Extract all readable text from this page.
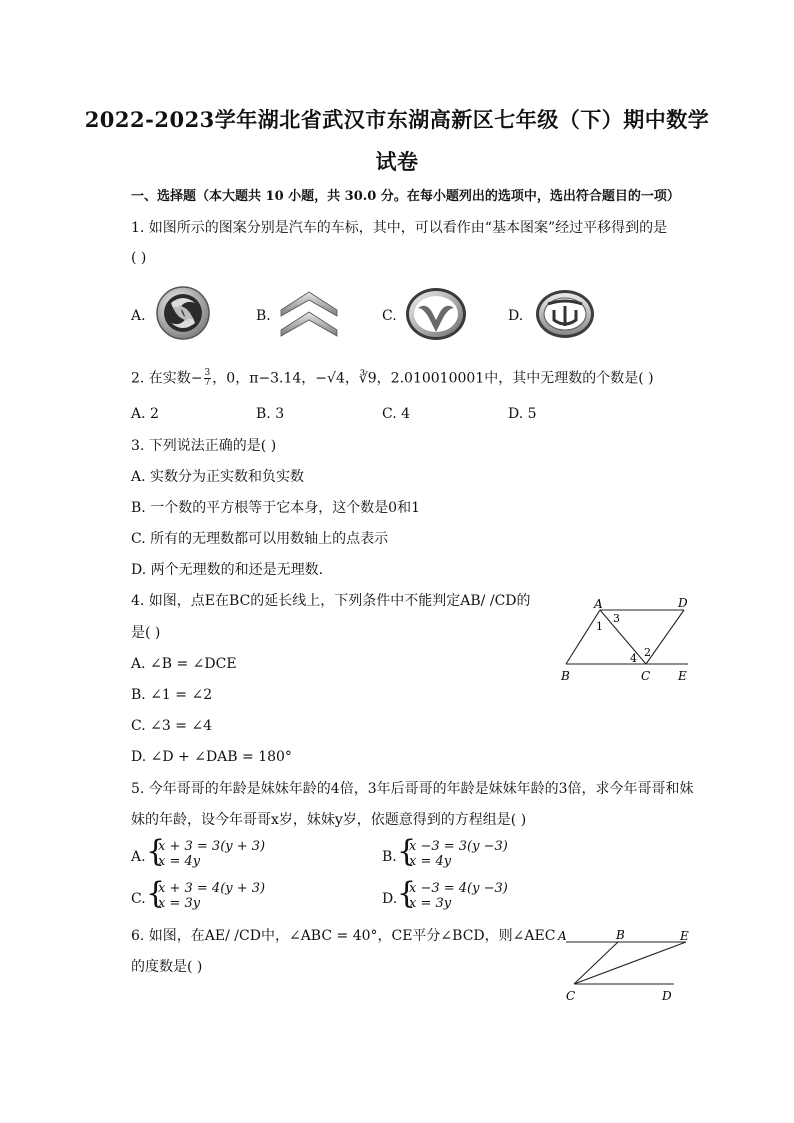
2022-2023学年湖北省武汉市东湖高新区七年级（下）期中数学
试卷
一、选择题（本大题共 10 小题，共 30.0 分。在每小题列出的选项中，选出符合题目的一项）
1. 如图所示的图案分别是汽车的车标，其中，可以看作由“基本图案”经过平移得到的是
( )
A.	B.	C.	D.
2. 在实数− $\frac{3}{7}$ ，0，π−3.14，−√4，∛9，2.010010001中，其中无理数的个数是( )
A. 2	B. 3	C. 4	D. 5
3. 下列说法正确的是( )
A. 实数分为正实数和负实数
B. 一个数的平方根等于它本身，这个数是0和1
C. 所有的无理数都可以用数轴上的点表示
D. 两个无理数的和还是无理数.
4. 如图，点E在BC的延长线上，下列条件中不能判定AB/ /CD的
是( )
A. ∠B = ∠DCE
B. ∠1 = ∠2
C. ∠3 = ∠4
D. ∠D + ∠DAB = 180°
A	D
B	C E
1
3
2
4
5. 今年哥哥的年龄是妹妹年龄的4倍，3年后哥哥的年龄是妹妹年龄的3倍，求今年哥哥和妹
妹的年龄，设今年哥哥x岁，妹妹y岁，依题意得到的方程组是( )
A. {
x + 3 = 3(y + 3)
x = 4y	B. {
x −3 = 3(y −3)
x = 4y
C. {
x + 3 = 4(y + 3)
x = 3y	D. {
x −3 = 4(y −3)
x = 3y
6. 如图，在AE/ /CD中，∠ABC = 40°，CE平分∠BCD，则∠AEC
的度数是( )
A	B	E
C	D
